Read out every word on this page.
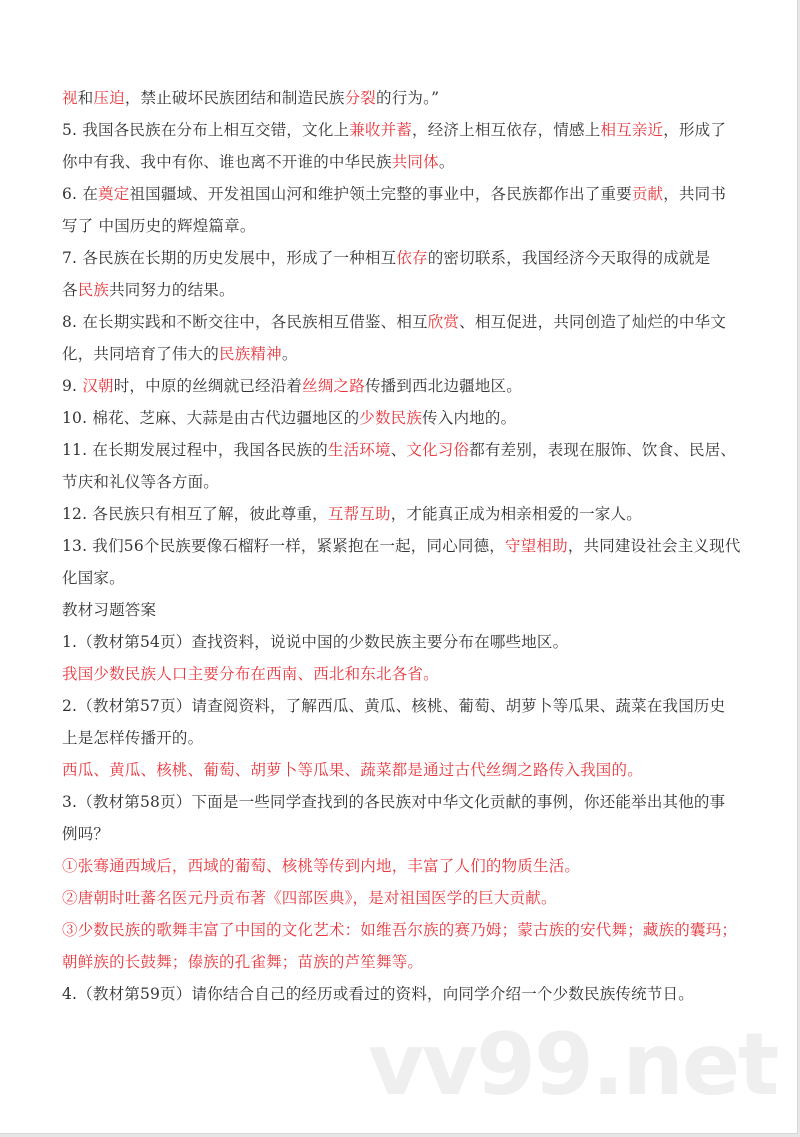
视和压迫，禁止破坏民族团结和制造民族分裂的行为。”
5. 我国各民族在分布上相互交错，文化上兼收并蓄，经济上相互依存，情感上相互亲近，形成了
你中有我、我中有你、谁也离不开谁的中华民族共同体。
6. 在奠定祖国疆域、开发祖国山河和维护领土完整的事业中，各民族都作出了重要贡献，共同书
写了 中国历史的辉煌篇章。
7. 各民族在长期的历史发展中，形成了一种相互依存的密切联系，我国经济今天取得的成就是
各民族共同努力的结果。
8. 在长期实践和不断交往中，各民族相互借鉴、相互欣赏、相互促进，共同创造了灿烂的中华文
化，共同培育了伟大的民族精神。
9. 汉朝时，中原的丝绸就已经沿着丝绸之路传播到西北边疆地区。
10. 棉花、芝麻、大蒜是由古代边疆地区的少数民族传入内地的。
11. 在长期发展过程中，我国各民族的生活环境、文化习俗都有差别，表现在服饰、饮食、民居、
节庆和礼仪等各方面。
12. 各民族只有相互了解，彼此尊重，互帮互助，才能真正成为相亲相爱的一家人。
13. 我们56个民族要像石榴籽一样，紧紧抱在一起，同心同德，守望相助，共同建设社会主义现代
化国家。
教材习题答案
1.（教材第54页）查找资料，说说中国的少数民族主要分布在哪些地区。
我国少数民族人口主要分布在西南、西北和东北各省。
2.（教材第57页）请查阅资料，了解西瓜、黄瓜、核桃、葡萄、胡萝卜等瓜果、蔬菜在我国历史
上是怎样传播开的。
西瓜、黄瓜、核桃、葡萄、胡萝卜等瓜果、蔬菜都是通过古代丝绸之路传入我国的。
3.（教材第58页）下面是一些同学查找到的各民族对中华文化贡献的事例，你还能举出其他的事
例吗？
①张骞通西域后，西域的葡萄、核桃等传到内地，丰富了人们的物质生活。
②唐朝时吐蕃名医元丹贡布著《四部医典》，是对祖国医学的巨大贡献。
③少数民族的歌舞丰富了中国的文化艺术：如维吾尔族的赛乃姆；蒙古族的安代舞；藏族的囊玛；
朝鲜族的长鼓舞；傣族的孔雀舞；苗族的芦笙舞等。
4.（教材第59页）请你结合自己的经历或看过的资料，向同学介绍一个少数民族传统节日。
vv99.net
